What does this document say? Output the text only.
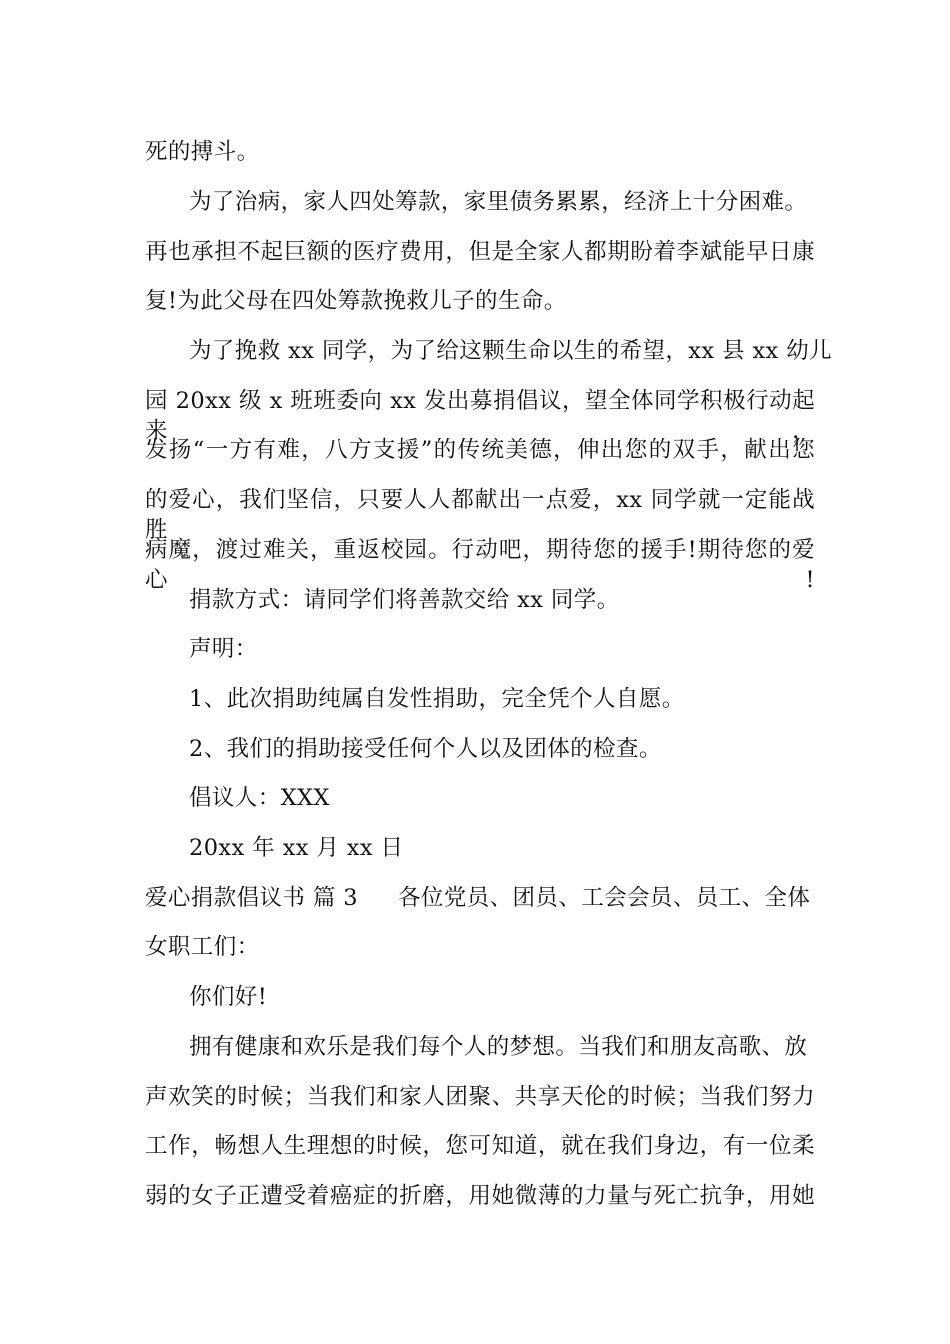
死的搏斗。
为了治病，家人四处筹款，家里债务累累，经济上十分困难。
再也承担不起巨额的医疗费用，但是全家人都期盼着李斌能早日康
复!为此父母在四处筹款挽救儿子的生命。
为了挽救 xx 同学，为了给这颗生命以生的希望，xx 县 xx 幼儿
园 20xx 级 x 班班委向 xx 发出募捐倡议，望全体同学积极行动起来，
发扬“一方有难，八方支援”的传统美德，伸出您的双手，献出您
的爱心，我们坚信，只要人人都献出一点爱，xx 同学就一定能战胜
病魔，渡过难关，重返校园。行动吧，期待您的援手!期待您的爱心!
捐款方式：请同学们将善款交给 xx 同学。
声明：
1、此次捐助纯属自发性捐助，完全凭个人自愿。
2、我们的捐助接受任何个人以及团体的检查。
倡议人：XXX
20xx 年 xx 月 xx 日
爱心捐款倡议书 篇 3 各位党员、团员、工会会员、员工、全体
女职工们：
你们好!
拥有健康和欢乐是我们每个人的梦想。当我们和朋友高歌、放
声欢笑的时候；当我们和家人团聚、共享天伦的时候；当我们努力
工作，畅想人生理想的时候，您可知道，就在我们身边，有一位柔
弱的女子正遭受着癌症的折磨，用她微薄的力量与死亡抗争，用她
